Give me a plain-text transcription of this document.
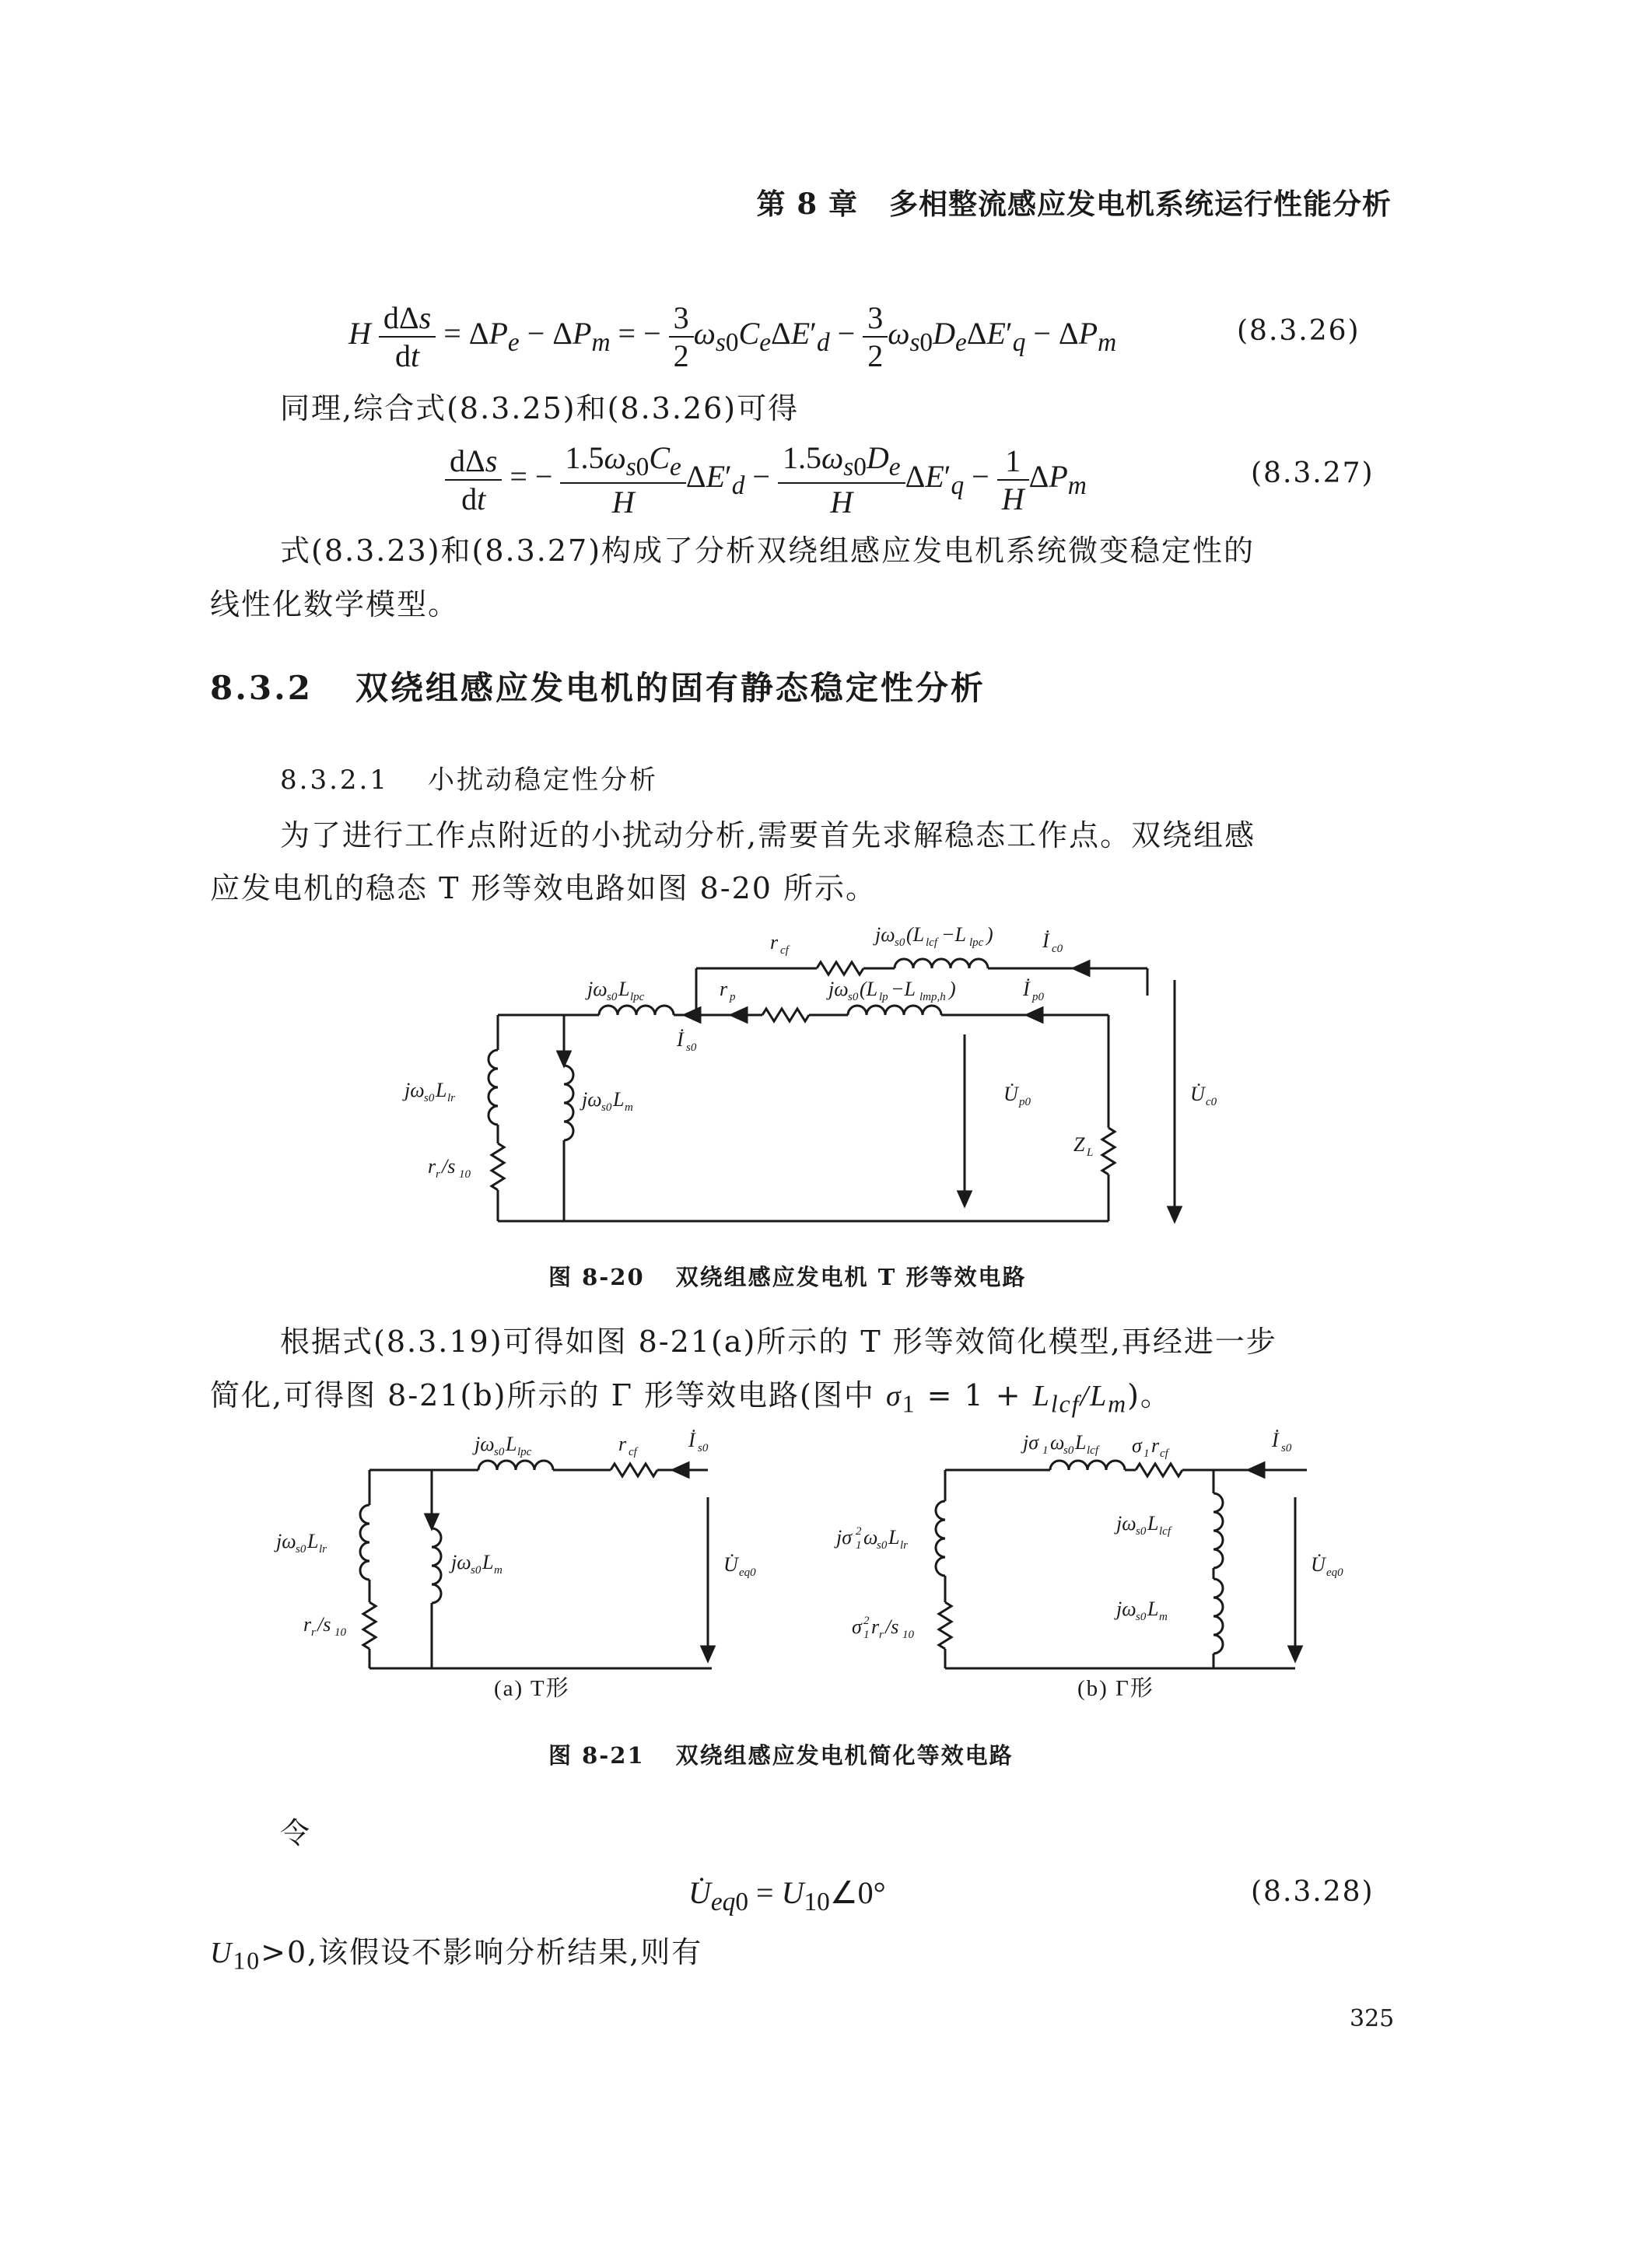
第 8 章 多相整流感应发电机系统运行性能分析
H $\frac{\text{dΔs}}{dt} = \Delta P_e - \Delta P_m$ = − $\frac{3}{2} \omega_{s0}C_e\Delta E'_d - \frac{3}{2} \omega_{s0}D_e\Delta E'_q - \Delta P_m$	(8.3.26)
同理,综合式(8.3.25)和(8.3.26)可得
$\frac{\text{dΔs}}{dt}$ = − $\frac{1.5\omega_{s0}C_e}{H} \Delta E'_d - \frac{1.5\omega_{s0}D_e}{H} \Delta E'_q - \frac{1}{H} \Delta P_m$	(8.3.27)
式(8.3.23)和(8.3.27)构成了分析双绕组感应发电机系统微变稳定性的
线性化数学模型。
8.3.2 双绕组感应发电机的固有静态稳定性分析
8.3.2.1 小扰动稳定性分析
为了进行工作点附近的小扰动分析,需要首先求解稳态工作点。双绕组感
应发电机的稳态 T 形等效电路如图 8-20 所示。
r cf
jω s0 (L lcf −L lpc ) İ c0
jω s0 L lpc	r p	jω s0 (L lp −L lmp,h )	İ p0
İ s0
jω s0 L lr	jω s0 L m
r r /s 10
U̇ p0
Z L
U̇ c0
图 8-20 双绕组感应发电机 T 形等效电路
根据式(8.3.19)可得如图 8-21(a)所示的 T 形等效简化模型,再经进一步
简化,可得图 8-21(b)所示的 Γ 形等效电路(图中 $\sigma_1 = 1 + L_{lcf}/L_m$)。
jω s0 L lpc	r cf
İ s0
jω s0 L lr
jω s0 L m
r r /s 10
U̇ eq0
(a) T形
jσ 1 ω
s0 L lcf σ 1 r cf
İ s0
jσ 2
1 ω
s0 L lr
jω s0 L lcf
jω s0 L m
σ 2
1 r r /s 10
U̇ eq0
(b) Γ形
图 8-21 双绕组感应发电机简化等效电路
令
$U̇_{eq0}$ = $U_{10}\angle 0^\circ$	(8.3.28)
$U_{10}>0$,该假设不影响分析结果,则有
325
